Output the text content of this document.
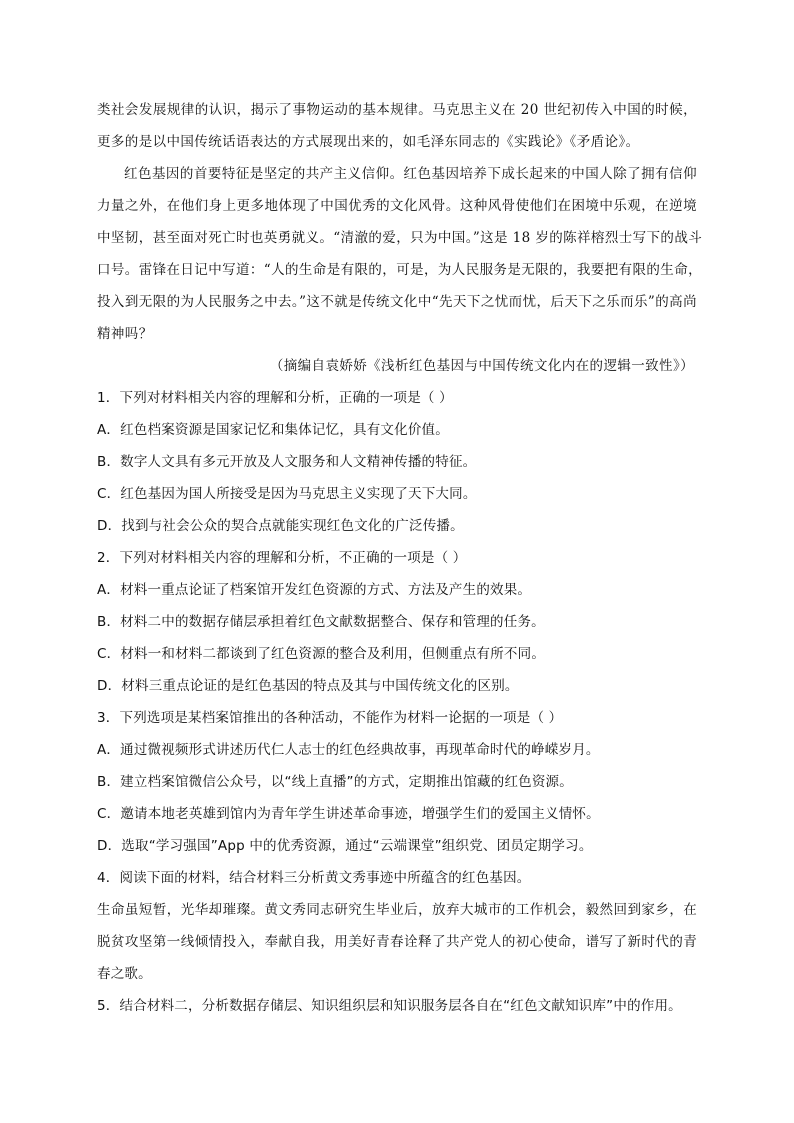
类社会发展规律的认识，揭示了事物运动的基本规律。马克思主义在 20 世纪初传入中国的时候，
更多的是以中国传统话语表达的方式展现出来的，如毛泽东同志的《实践论》《矛盾论》。
红色基因的首要特征是坚定的共产主义信仰。红色基因培养下成长起来的中国人除了拥有信仰
力量之外，在他们身上更多地体现了中国优秀的文化风骨。这种风骨使他们在困境中乐观，在逆境
中坚韧，甚至面对死亡时也英勇就义。“清澈的爱，只为中国。”这是 18 岁的陈祥榕烈士写下的战斗
口号。雷锋在日记中写道：“人的生命是有限的，可是，为人民服务是无限的，我要把有限的生命，
投入到无限的为人民服务之中去。”这不就是传统文化中“先天下之忧而忧，后天下之乐而乐”的高尚
精神吗？
（摘编自袁娇娇《浅析红色基因与中国传统文化内在的逻辑一致性》）
1．下列对材料相关内容的理解和分析，正确的一项是（ ）
A．红色档案资源是国家记忆和集体记忆，具有文化价值。
B．数字人文具有多元开放及人文服务和人文精神传播的特征。
C．红色基因为国人所接受是因为马克思主义实现了天下大同。
D．找到与社会公众的契合点就能实现红色文化的广泛传播。
2．下列对材料相关内容的理解和分析，不正确的一项是（ ）
A．材料一重点论证了档案馆开发红色资源的方式、方法及产生的效果。
B．材料二中的数据存储层承担着红色文献数据整合、保存和管理的任务。
C．材料一和材料二都谈到了红色资源的整合及利用，但侧重点有所不同。
D．材料三重点论证的是红色基因的特点及其与中国传统文化的区别。
3．下列选项是某档案馆推出的各种活动，不能作为材料一论据的一项是（ ）
A．通过微视频形式讲述历代仁人志士的红色经典故事，再现革命时代的峥嵘岁月。
B．建立档案馆微信公众号，以“线上直播”的方式，定期推出馆藏的红色资源。
C．邀请本地老英雄到馆内为青年学生讲述革命事迹，增强学生们的爱国主义情怀。
D．选取“学习强国”App 中的优秀资源，通过“云端课堂”组织党、团员定期学习。
4．阅读下面的材料，结合材料三分析黄文秀事迹中所蕴含的红色基因。
生命虽短暂，光华却璀璨。黄文秀同志研究生毕业后，放弃大城市的工作机会，毅然回到家乡，在
脱贫攻坚第一线倾情投入，奉献自我，用美好青春诠释了共产党人的初心使命，谱写了新时代的青
春之歌。
5．结合材料二，分析数据存储层、知识组织层和知识服务层各自在“红色文献知识库”中的作用。
